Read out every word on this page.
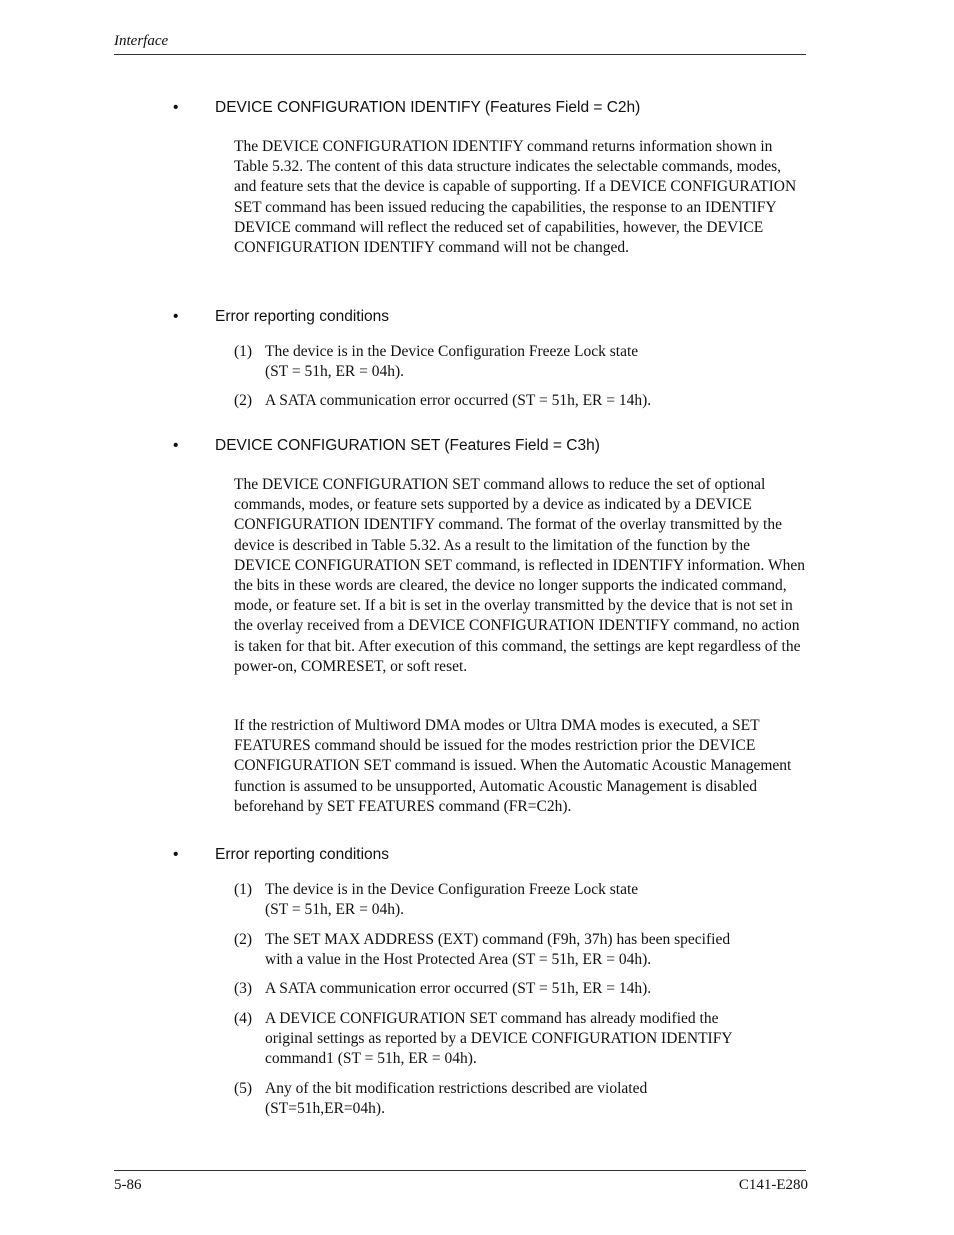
Interface
• DEVICE CONFIGURATION IDENTIFY (Features Field = C2h)

The DEVICE CONFIGURATION IDENTIFY command returns information shown in Table 5.32. The content of this data structure indicates the selectable commands, modes, and feature sets that the device is capable of supporting. If a DEVICE CONFIGURATION SET command has been issued reducing the capabilities, the response to an IDENTIFY DEVICE command will reflect the reduced set of capabilities, however, the DEVICE CONFIGURATION IDENTIFY command will not be changed.

• Error reporting conditions
(1) The device is in the Device Configuration Freeze Lock state
(ST = 51h, ER = 04h).
(2) A SATA communication error occurred (ST = 51h, ER = 14h).
• DEVICE CONFIGURATION SET (Features Field = C3h)

The DEVICE CONFIGURATION SET command allows to reduce the set of optional commands, modes, or feature sets supported by a device as indicated by a DEVICE CONFIGURATION IDENTIFY command. The format of the overlay transmitted by the device is described in Table 5.32. As a result to the limitation of the function by the DEVICE CONFIGURATION SET command, is reflected in IDENTIFY information. When the bits in these words are cleared, the device no longer supports the indicated command, mode, or feature set. If a bit is set in the overlay transmitted by the device that is not set in the overlay received from a DEVICE CONFIGURATION IDENTIFY command, no action is taken for that bit. After execution of this command, the settings are kept regardless of the power-on, COMRESET, or soft reset.

If the restriction of Multiword DMA modes or Ultra DMA modes is executed, a SET FEATURES command should be issued for the modes restriction prior the DEVICE CONFIGURATION SET command is issued. When the Automatic Acoustic Management function is assumed to be unsupported, Automatic Acoustic Management is disabled beforehand by SET FEATURES command (FR=C2h).

• Error reporting conditions
(1) The device is in the Device Configuration Freeze Lock state
(ST = 51h, ER = 04h).
(2) The SET MAX ADDRESS (EXT) command (F9h, 37h) has been specified
with a value in the Host Protected Area (ST = 51h, ER = 04h).
(3) A SATA communication error occurred (ST = 51h, ER = 14h).
(4) A DEVICE CONFIGURATION SET command has already modified the
original settings as reported by a DEVICE CONFIGURATION IDENTIFY
command1 (ST = 51h, ER = 04h).
(5) Any of the bit modification restrictions described are violated
(ST=51h,ER=04h).
5-86	C141-E280
